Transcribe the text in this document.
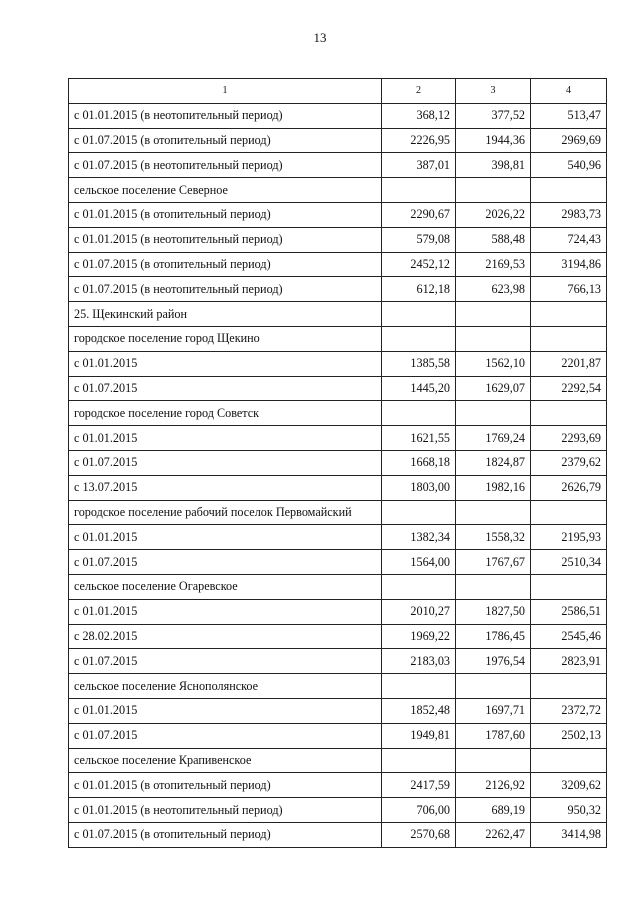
13
1	2	3	4
с 01.01.2015 (в неотопительный период)	368,12	377,52	513,47
с 01.07.2015 (в отопительный период)	2226,95	1944,36	2969,69
с 01.07.2015 (в неотопительный период)	387,01	398,81	540,96
сельское поселение Северное			
с 01.01.2015 (в отопительный период)	2290,67	2026,22	2983,73
с 01.01.2015 (в неотопительный период)	579,08	588,48	724,43
с 01.07.2015 (в отопительный период)	2452,12	2169,53	3194,86
с 01.07.2015 (в неотопительный период)	612,18	623,98	766,13
25. Щекинский район			
городское поселение город Щекино			
с 01.01.2015	1385,58	1562,10	2201,87
с 01.07.2015	1445,20	1629,07	2292,54
городское поселение город Советск			
с 01.01.2015	1621,55	1769,24	2293,69
с 01.07.2015	1668,18	1824,87	2379,62
с 13.07.2015	1803,00	1982,16	2626,79
городское поселение рабочий поселок Первомайский			
с 01.01.2015	1382,34	1558,32	2195,93
с 01.07.2015	1564,00	1767,67	2510,34
сельское поселение Огаревское			
с 01.01.2015	2010,27	1827,50	2586,51
с 28.02.2015	1969,22	1786,45	2545,46
с 01.07.2015	2183,03	1976,54	2823,91
сельское поселение Яснополянское			
с 01.01.2015	1852,48	1697,71	2372,72
с 01.07.2015	1949,81	1787,60	2502,13
сельское поселение Крапивенское			
с 01.01.2015 (в отопительный период)	2417,59	2126,92	3209,62
с 01.01.2015 (в неотопительный период)	706,00	689,19	950,32
с 01.07.2015 (в отопительный период)	2570,68	2262,47	3414,98
